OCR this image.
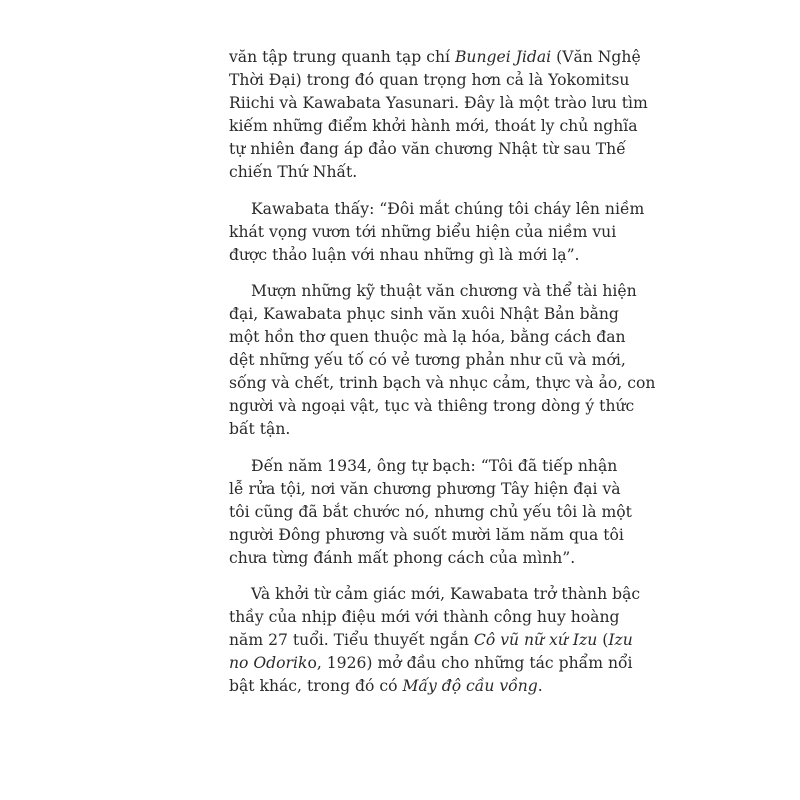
văn tập trung quanh tạp chí Bungei Jidai (Văn Nghệ
Thời Đại) trong đó quan trọng hơn cả là Yokomitsu
Riichi và Kawabata Yasunari. Đây là một trào lưu tìm
kiếm những điểm khởi hành mới, thoát ly chủ nghĩa
tự nhiên đang áp đảo văn chương Nhật từ sau Thế
chiến Thứ Nhất.
Kawabata thấy: “Đôi mắt chúng tôi cháy lên niềm
khát vọng vươn tới những biểu hiện của niềm vui
được thảo luận với nhau những gì là mới lạ”.
Mượn những kỹ thuật văn chương và thể tài hiện
đại, Kawabata phục sinh văn xuôi Nhật Bản bằng
một hồn thơ quen thuộc mà lạ hóa, bằng cách đan
dệt những yếu tố có vẻ tương phản như cũ và mới,
sống và chết, trinh bạch và nhục cảm, thực và ảo, con
người và ngoại vật, tục và thiêng trong dòng ý thức
bất tận.
Đến năm 1934, ông tự bạch: “Tôi đã tiếp nhận
lễ rửa tội, nơi văn chương phương Tây hiện đại và
tôi cũng đã bắt chước nó, nhưng chủ yếu tôi là một
người Đông phương và suốt mười lăm năm qua tôi
chưa từng đánh mất phong cách của mình”.
Và khởi từ cảm giác mới, Kawabata trở thành bậc
thầy của nhịp điệu mới với thành công huy hoàng
năm 27 tuổi. Tiểu thuyết ngắn Cô vũ nữ xứ Izu (Izu
no Odoriko, 1926) mở đầu cho những tác phẩm nổi
bật khác, trong đó có Mấy độ cầu vồng.
